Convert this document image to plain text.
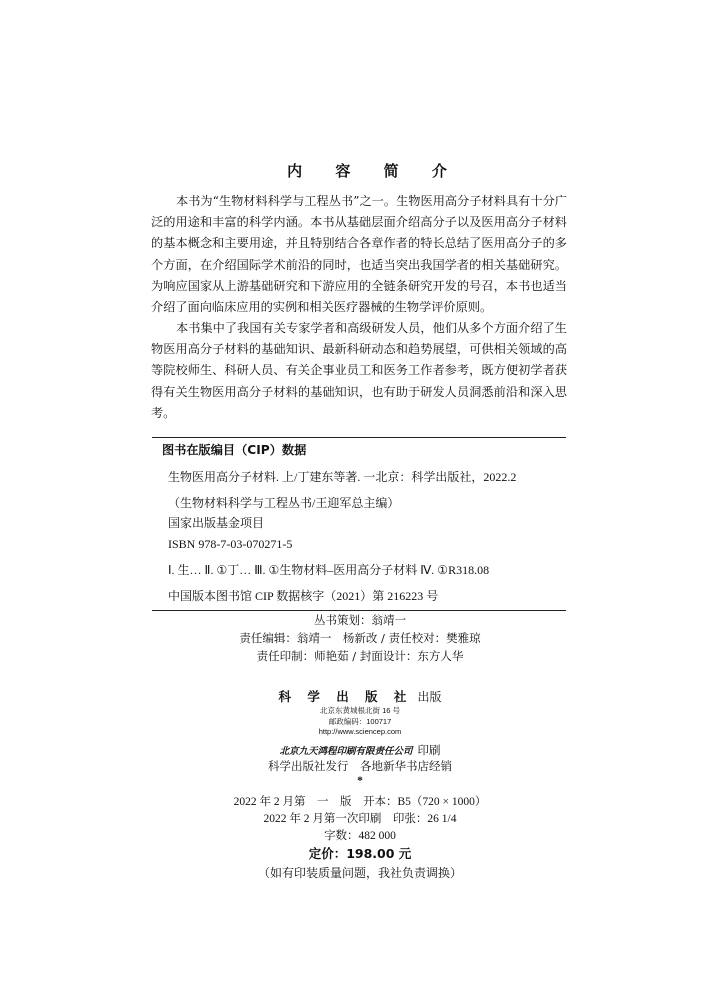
内 容 简 介

本书为“生物材料科学与工程丛书”之一。生物医用高分子材料具有十分广泛的用途和丰富的科学内涵。本书从基础层面介绍高分子以及医用高分子材料的基本概念和主要用途，并且特别结合各章作者的特长总结了医用高分子的多个方面，在介绍国际学术前沿的同时，也适当突出我国学者的相关基础研究。为响应国家从上游基础研究和下游应用的全链条研究开发的号召，本书也适当介绍了面向临床应用的实例和相关医疗器械的生物学评价原则。

本书集中了我国有关专家学者和高级研发人员，他们从多个方面介绍了生物医用高分子材料的基础知识、最新科研动态和趋势展望，可供相关领域的高等院校师生、科研人员、有关企事业员工和医务工作者参考，既方便初学者获得有关生物医用高分子材料的基础知识，也有助于研发人员洞悉前沿和深入思考。

图书在版编目（CIP）数据
生物医用高分子材料. 上/丁建东等著. 一北京：科学出版社，2022.2
（生物材料科学与工程丛书/王迎军总主编）
国家出版基金项目
ISBN 978-7-03-070271-5
Ⅰ. 生… Ⅱ. ①丁… Ⅲ. ①生物材料–医用高分子材料 Ⅳ. ①R318.08
中国版本图书馆 CIP 数据核字（2021）第 216223 号
丛书策划：翁靖一
责任编辑：翁靖一　杨新改 / 责任校对：樊雅琼
责任印制：师艳茹 / 封面设计：东方人华
科 学 出 版 社 出版
北京东黄城根北街 16 号
邮政编码：100717
http://www.sciencep.com
北京九天鸿程印刷有限责任公司 印刷
科学出版社发行　各地新华书店经销
*
2022 年 2 月第　一　版　开本：B5（720 × 1000）
2022 年 2 月第一次印刷　印张：26 1/4
字数：482 000
定价：198.00 元
（如有印装质量问题，我社负责调换）
